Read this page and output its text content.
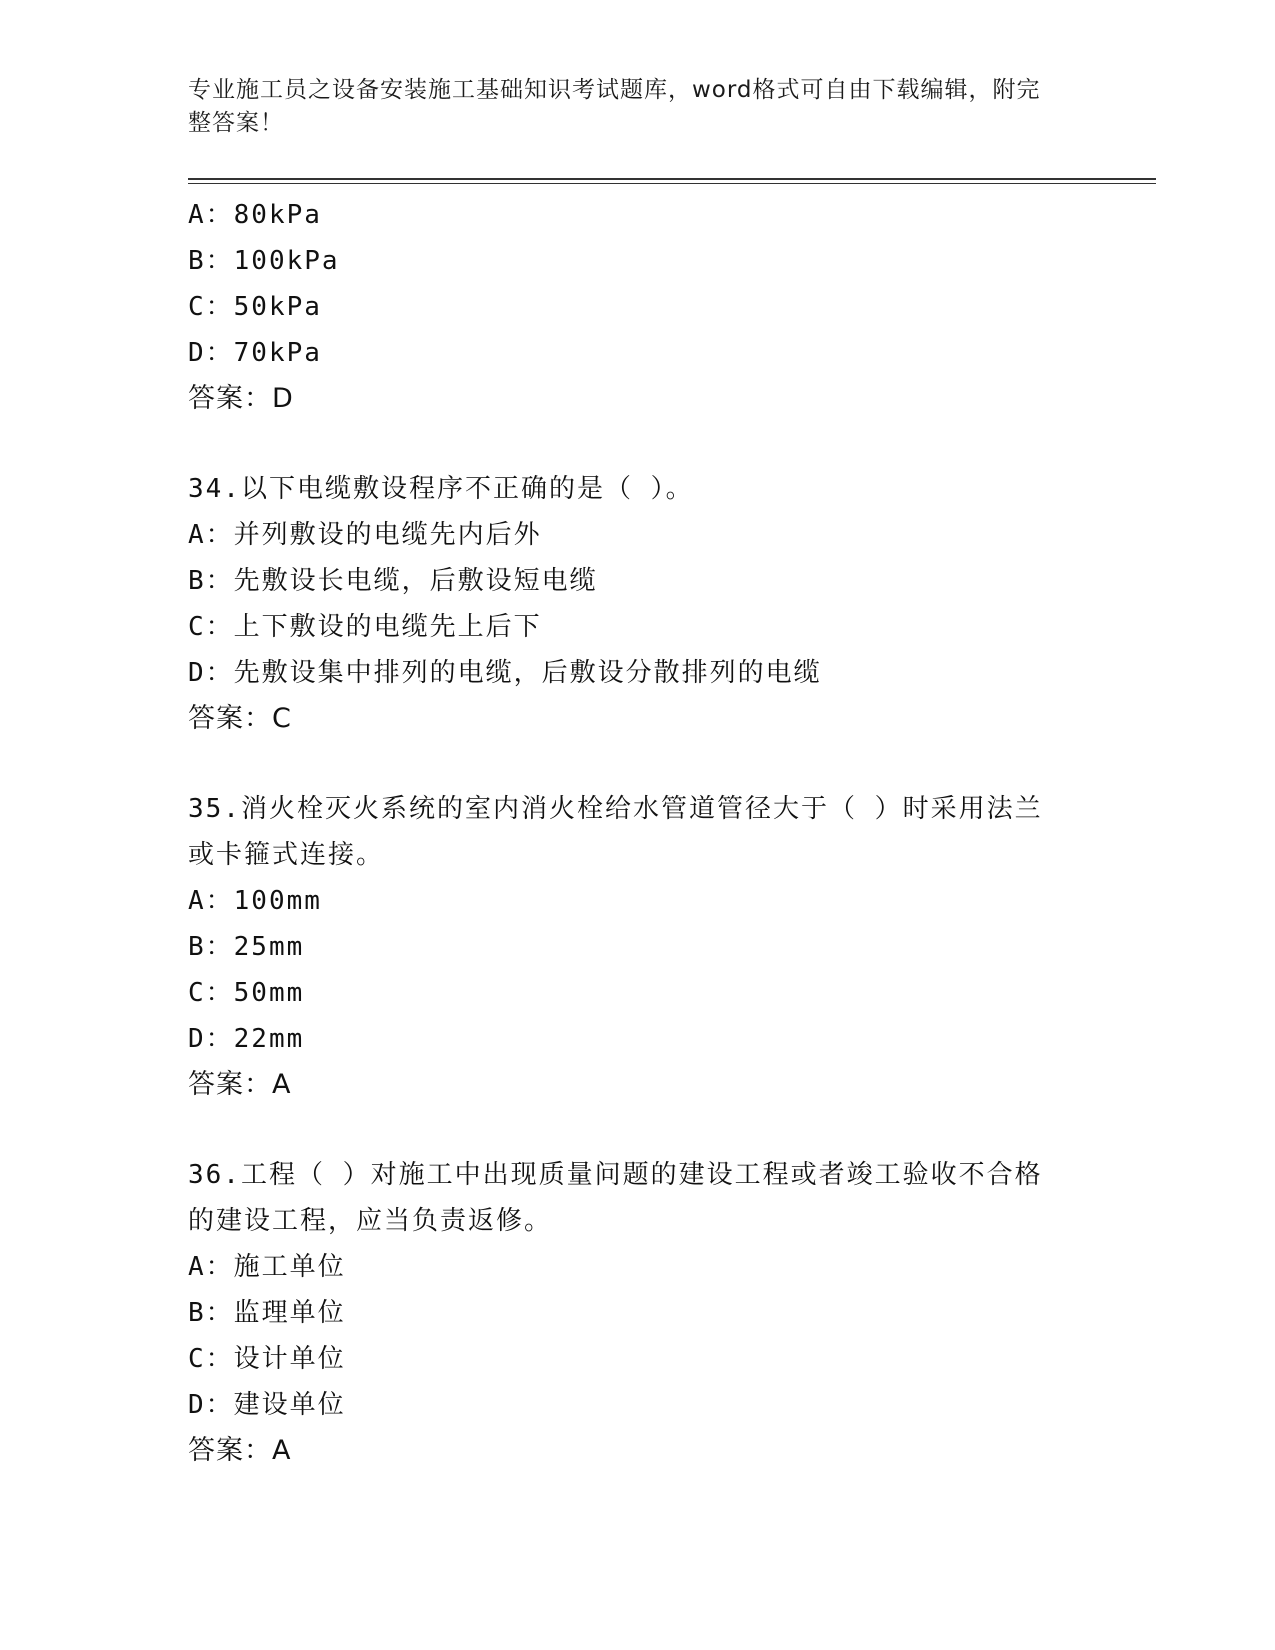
专业施工员之设备安装施工基础知识考试题库，word格式可自由下载编辑，附完
整答案！
A：80kPa
B：100kPa
C：50kPa
D：70kPa
答案：D
34.以下电缆敷设程序不正确的是（ ）。
A：并列敷设的电缆先内后外
B：先敷设长电缆，后敷设短电缆
C：上下敷设的电缆先上后下
D：先敷设集中排列的电缆，后敷设分散排列的电缆
答案：C
35.消火栓灭火系统的室内消火栓给水管道管径大于（ ）时采用法兰
或卡箍式连接。
A：100mm
B：25mm
C：50mm
D：22mm
答案：A
36.工程（ ）对施工中出现质量问题的建设工程或者竣工验收不合格
的建设工程，应当负责返修。
A：施工单位
B：监理单位
C：设计单位
D：建设单位
答案：A
